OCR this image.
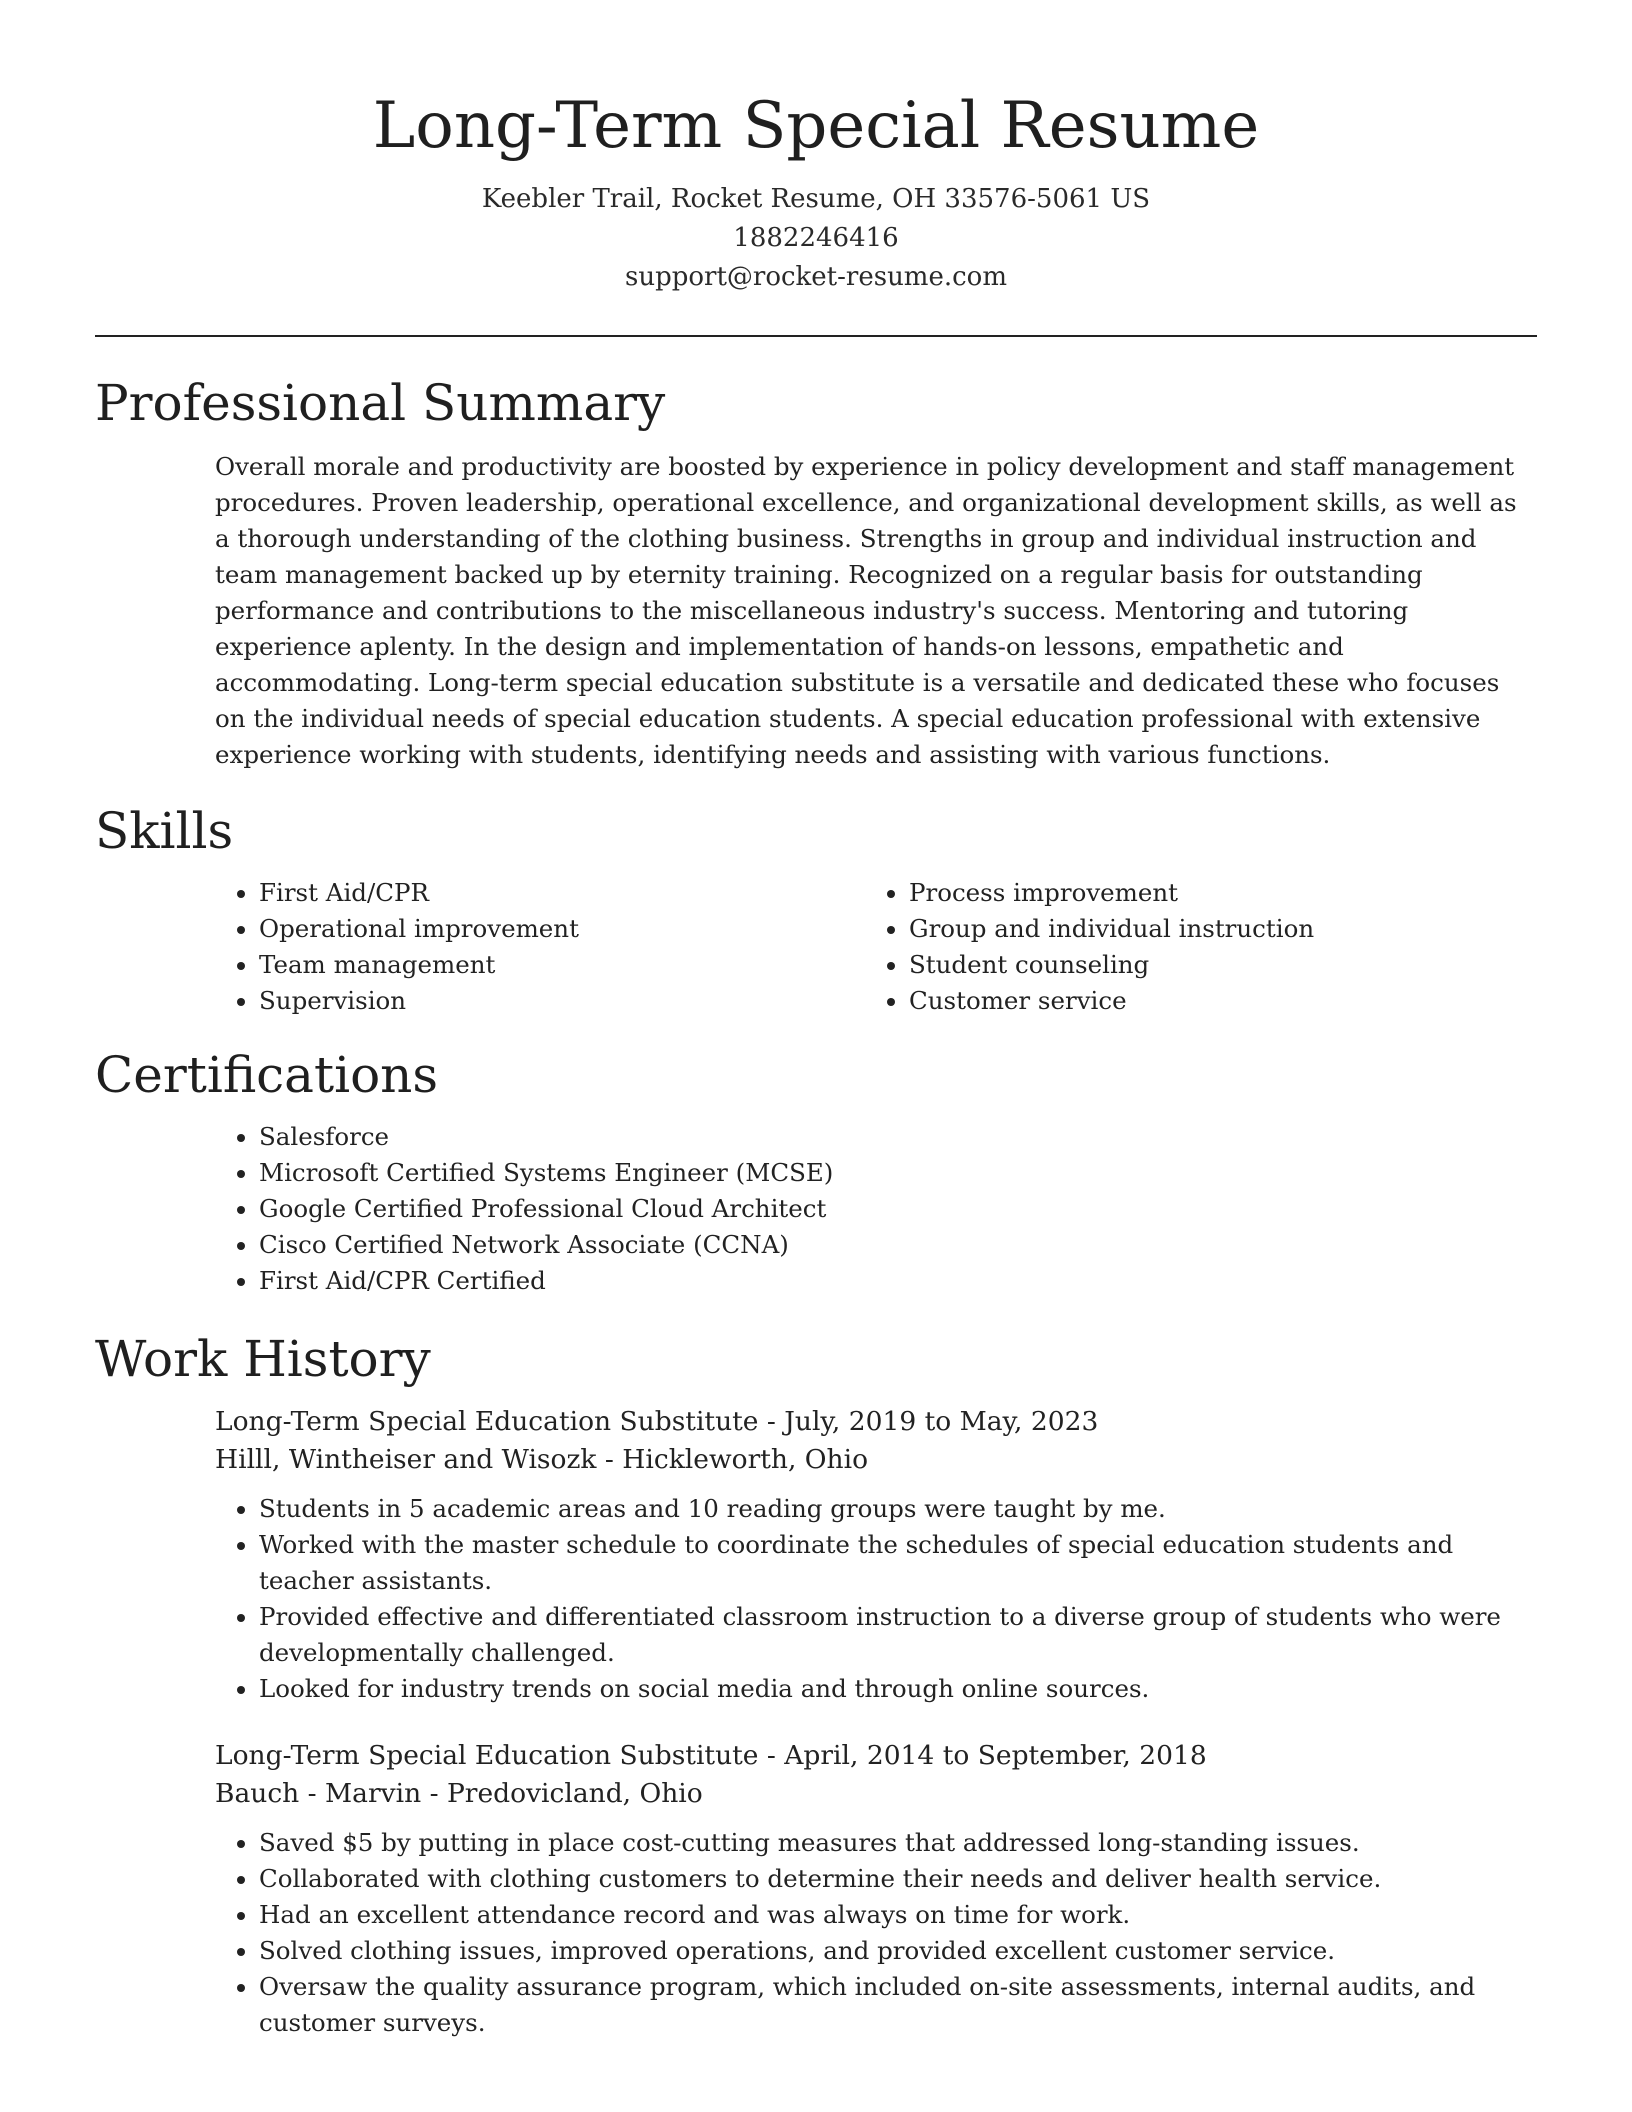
Long-Term Special Resume
Keebler Trail, Rocket Resume, OH 33576-5061 US
1882246416
support@rocket-resume.com
Professional Summary

Overall morale and productivity are boosted by experience in policy development and staff management procedures. Proven leadership, operational excellence, and organizational development skills, as well as a thorough understanding of the clothing business. Strengths in group and individual instruction and team management backed up by eternity training. Recognized on a regular basis for outstanding performance and contributions to the miscellaneous industry's success. Mentoring and tutoring experience aplenty. In the design and implementation of hands-on lessons, empathetic and accommodating. Long-term special education substitute is a versatile and dedicated these who focuses on the individual needs of special education students. A special education professional with extensive experience working with students, identifying needs and assisting with various functions.

Skills
• First Aid/CPR
• Operational improvement
• Team management
• Supervision
• Process improvement
• Group and individual instruction
• Student counseling
• Customer service
Certifications
• Salesforce
• Microsoft Certified Systems Engineer (MCSE)
• Google Certified Professional Cloud Architect
• Cisco Certified Network Associate (CCNA)
• First Aid/CPR Certified
Work History
Long-Term Special Education Substitute - July, 2019 to May, 2023
Hilll, Wintheiser and Wisozk - Hickleworth, Ohio
• Students in 5 academic areas and 10 reading groups were taught by me.
• Worked with the master schedule to coordinate the schedules of special education students and teacher assistants.
• Provided effective and differentiated classroom instruction to a diverse group of students who were developmentally challenged.
• Looked for industry trends on social media and through online sources.
Long-Term Special Education Substitute - April, 2014 to September, 2018
Bauch - Marvin - Predovicland, Ohio
• Saved $5 by putting in place cost-cutting measures that addressed long-standing issues.
• Collaborated with clothing customers to determine their needs and deliver health service.
• Had an excellent attendance record and was always on time for work.
• Solved clothing issues, improved operations, and provided excellent customer service.
• Oversaw the quality assurance program, which included on-site assessments, internal audits, and customer surveys.
